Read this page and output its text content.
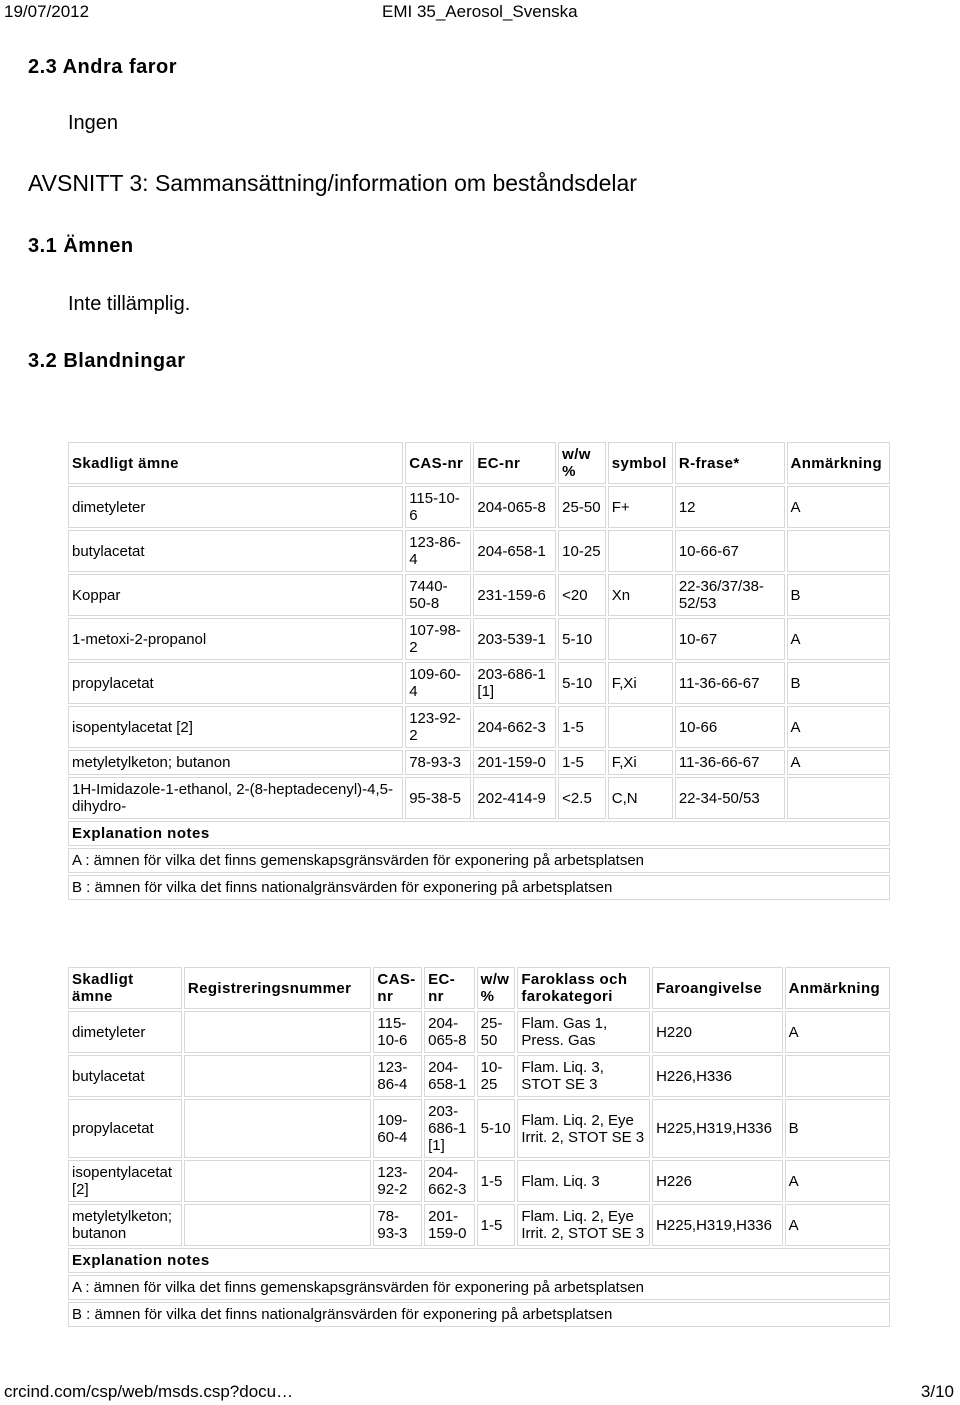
19/07/2012	EMI 35_Aerosol_Svenska
2.3 Andra faror
Ingen
AVSNITT 3: Sammansättning/information om beståndsdelar
3.1 Ämnen
Inte tillämplig.
3.2 Blandningar
Skadligt ämne	CAS-nr	EC-nr	w/w %	symbol	R-frase*	Anmärkning
dimetyleter	115-10-6	204-065-8	25-50	F+	12	A
butylacetat	123-86-4	204-658-1	10-25		10-66-67	
Koppar	7440-50-8	231-159-6	<20	Xn	22-36/37/38-52/53	B
1-metoxi-2-propanol	107-98-2	203-539-1	5-10		10-67	A
propylacetat	109-60-4	203-686-1 [1]	5-10	F,Xi	11-36-66-67	B
isopentylacetat [2]	123-92-2	204-662-3	1-5		10-66	A
metyletylketon; butanon	78-93-3	201-159-0	1-5	F,Xi	11-36-66-67	A
1H-Imidazole-1-ethanol, 2-(8-heptadecenyl)-4,5-dihydro-	95-38-5	202-414-9	<2.5	C,N	22-34-50/53	
Explanation notes						
A : ämnen för vilka det finns gemenskapsgränsvärden för exponering på arbetsplatsen						
B : ämnen för vilka det finns nationalgränsvärden för exponering på arbetsplatsen						
Skadligt ämne	Registreringsnummer	CAS-nr	EC-nr	w/w %	Faroklass och farokategori	Faroangivelse	Anmärkning
dimetyleter		115-10-6	204-065-8	25-50	Flam. Gas 1, Press. Gas	H220	A
butylacetat		123-86-4	204-658-1	10-25	Flam. Liq. 3, STOT SE 3	H226,H336	
propylacetat		109-60-4	203-686-1 [1]	5-10	Flam. Liq. 2, Eye Irrit. 2, STOT SE 3	H225,H319,H336	B
isopentylacetat [2]		123-92-2	204-662-3	1-5	Flam. Liq. 3	H226	A
metyletylketon; butanon		78-93-3	201-159-0	1-5	Flam. Liq. 2, Eye Irrit. 2, STOT SE 3	H225,H319,H336	A
Explanation notes							
A : ämnen för vilka det finns gemenskapsgränsvärden för exponering på arbetsplatsen							
B : ämnen för vilka det finns nationalgränsvärden för exponering på arbetsplatsen							
crcind.com/csp/web/msds.csp?docu…	3/10
